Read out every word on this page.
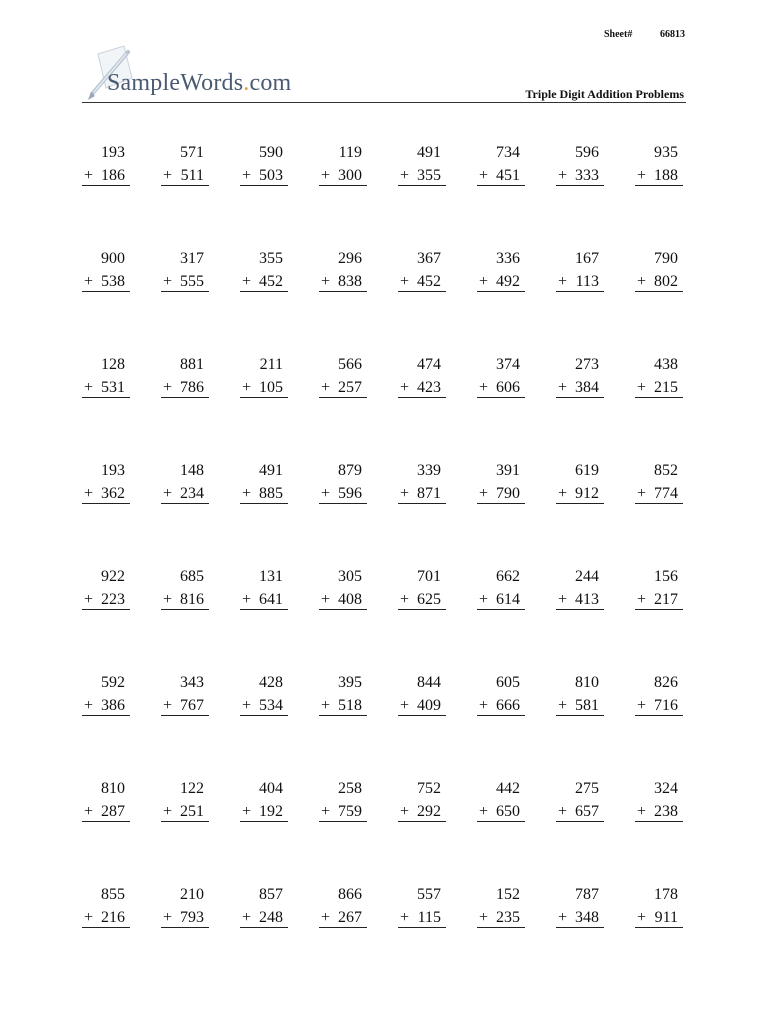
Sheet#	66813
SampleWords.com	Triple Digit Addition Problems
193
+ 186
571
+ 511
590
+ 503
119
+ 300
491
+ 355
734
+ 451
596
+ 333
935
+ 188
900
+ 538
317
+ 555
355
+ 452
296
+ 838
367
+ 452
336
+ 492
167
+ 113
790
+ 802
128
+ 531
881
+ 786
211
+ 105
566
+ 257
474
+ 423
374
+ 606
273
+ 384
438
+ 215
193
+ 362
148
+ 234
491
+ 885
879
+ 596
339
+ 871
391
+ 790
619
+ 912
852
+ 774
922
+ 223
685
+ 816
131
+ 641
305
+ 408
701
+ 625
662
+ 614
244
+ 413
156
+ 217
592
+ 386
343
+ 767
428
+ 534
395
+ 518
844
+ 409
605
+ 666
810
+ 581
826
+ 716
810
+ 287
122
+ 251
404
+ 192
258
+ 759
752
+ 292
442
+ 650
275
+ 657
324
+ 238
855
+ 216
210
+ 793
857
+ 248
866
+ 267
557
+ 115
152
+ 235
787
+ 348
178
+ 911
